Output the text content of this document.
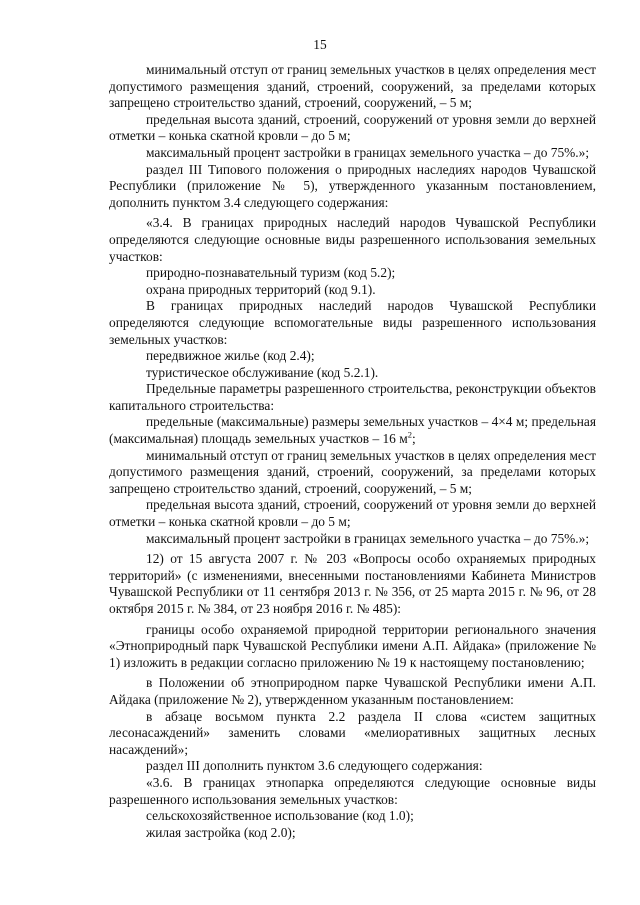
15

минимальный отступ от границ земельных участков в целях определения мест допустимого размещения зданий, строений, сооружений, за пределами которых запрещено строительство зданий, строений, сооружений, – 5 м;

предельная высота зданий, строений, сооружений от уровня земли до верхней отметки – конька скатной кровли – до 5 м;

максимальный процент застройки в границах земельного участка – до 75%.»;

раздел III Типового положения о природных наследиях народов Чувашской Республики (приложение № 5), утвержденного указанным постановлением, дополнить пунктом 3.4 следующего содержания:

«3.4. В границах природных наследий народов Чувашской Республики определяются следующие основные виды разрешенного использования земельных участков:

природно-познавательный туризм (код 5.2);

охрана природных территорий (код 9.1).

В границах природных наследий народов Чувашской Республики определяются следующие вспомогательные виды разрешенного использования земельных участков:

передвижное жилье (код 2.4);

туристическое обслуживание (код 5.2.1).

Предельные параметры разрешенного строительства, реконструкции объектов капитального строительства:

предельные (максимальные) размеры земельных участков – 4×4 м; предельная (максимальная) площадь земельных участков – 16 $м^2$;

минимальный отступ от границ земельных участков в целях определения мест допустимого размещения зданий, строений, сооружений, за пределами которых запрещено строительство зданий, строений, сооружений, – 5 м;

предельная высота зданий, строений, сооружений от уровня земли до верхней отметки – конька скатной кровли – до 5 м;

максимальный процент застройки в границах земельного участка – до 75%.»;

12) от 15 августа 2007 г. № 203 «Вопросы особо охраняемых природных территорий» (с изменениями, внесенными постановлениями Кабинета Министров Чувашской Республики от 11 сентября 2013 г. № 356, от 25 марта 2015 г. № 96, от 28 октября 2015 г. № 384, от 23 ноября 2016 г. № 485):

границы особо охраняемой природной территории регионального значения «Этноприродный парк Чувашской Республики имени А.П. Айдака» (приложение № 1) изложить в редакции согласно приложению № 19 к настоящему постановлению;

в Положении об этноприродном парке Чувашской Республики имени А.П. Айдака (приложение № 2), утвержденном указанным постановлением:

в абзаце восьмом пункта 2.2 раздела II слова «систем защитных лесонасаждений» заменить словами «мелиоративных защитных лесных насаждений»;

раздел III дополнить пунктом 3.6 следующего содержания:

«3.6. В границах этнопарка определяются следующие основные виды разрешенного использования земельных участков:

сельскохозяйственное использование (код 1.0);

жилая застройка (код 2.0);
